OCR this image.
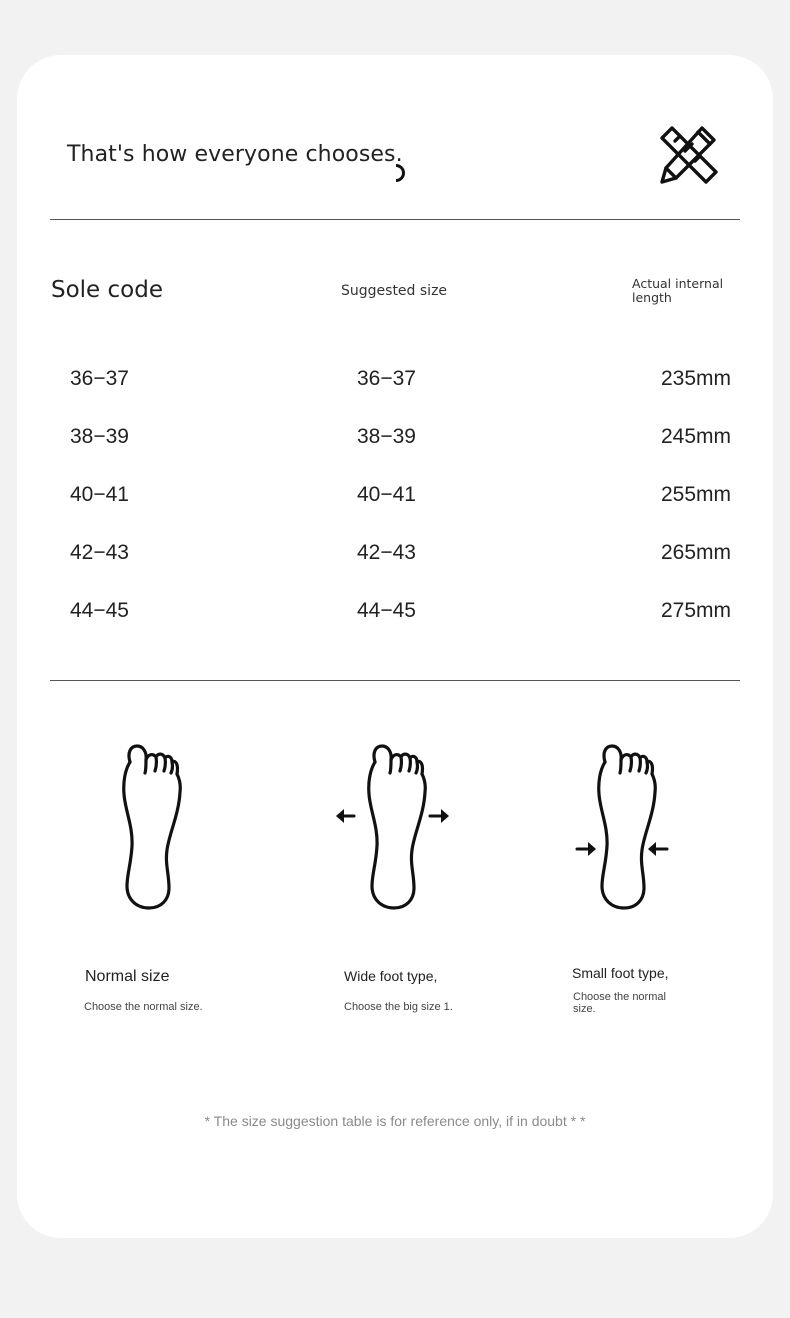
That's how everyone chooses.
Sole code	Suggested size	Actual internal length
36−37	36−37	235mm
38−39	38−39	245mm
40−41	40−41	255mm
42−43	42−43	265mm
44−45	44−45	275mm
Normal size
Choose the normal size.
Wide foot type,
Choose the big size 1.
Small foot type,
Choose the normal size.
* The size suggestion table is for reference only, if in doubt * *
